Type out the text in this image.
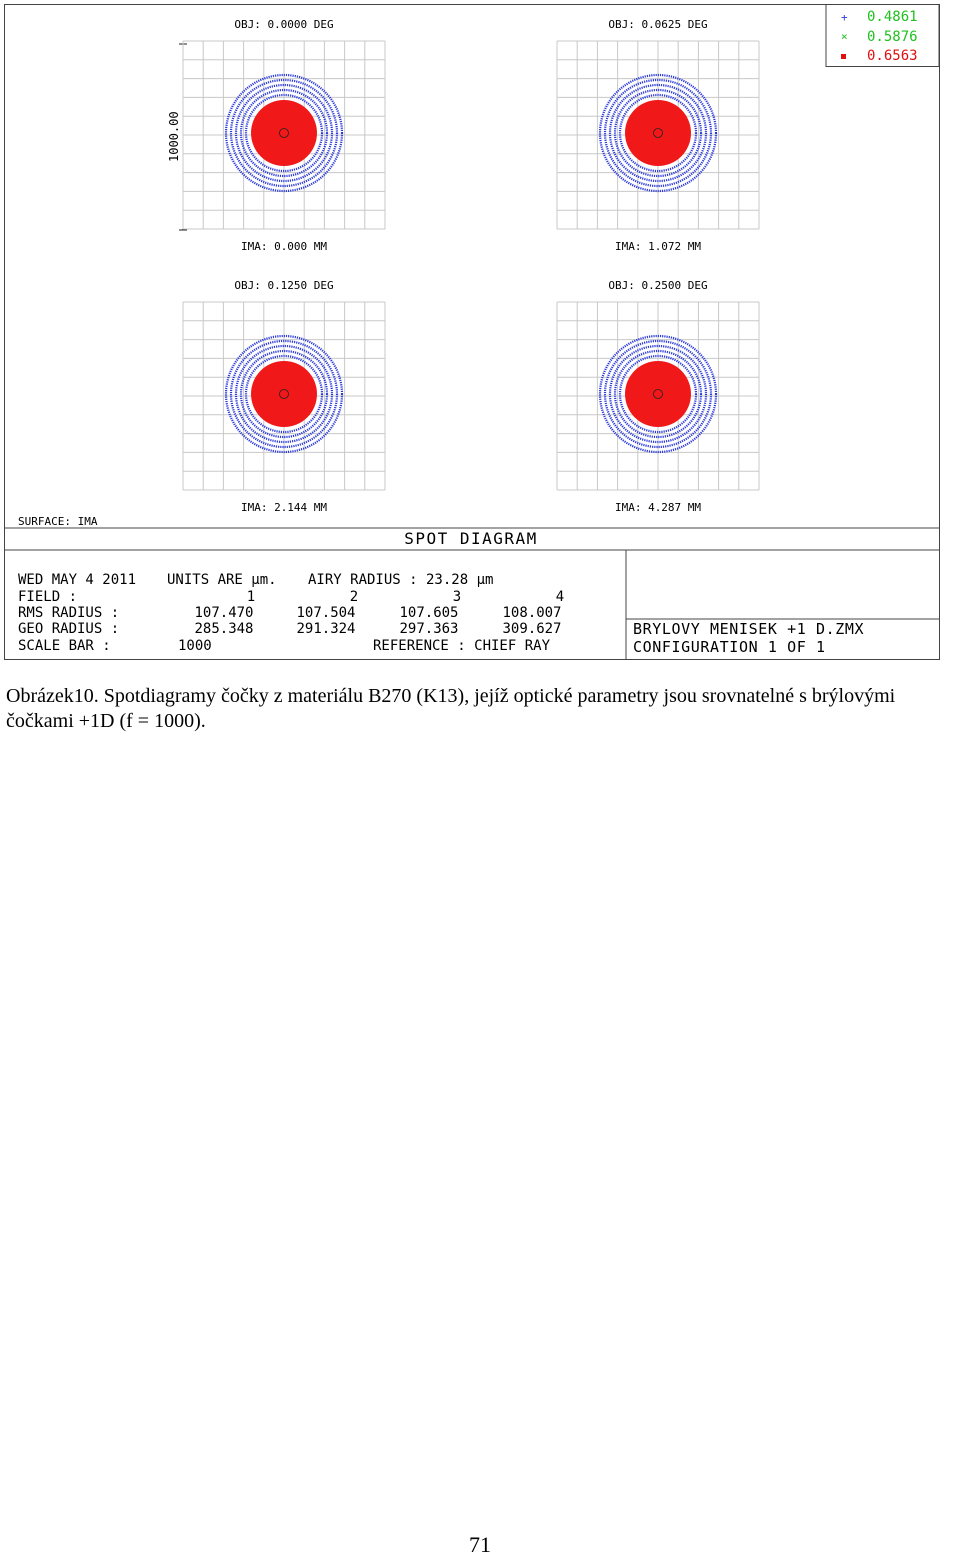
+ 0.4861
× 0.5876
0.6563
1000.00
OBJ: 0.0000 DEG
IMA: 0.000 MM
OBJ: 0.0625 DEG
IMA: 1.072 MM
OBJ: 0.1250 DEG
IMA: 2.144 MM
OBJ: 0.2500 DEG
IMA: 4.287 MM
SURFACE: IMA
SPOT DIAGRAM
WED MAY 4 2011 UNITS ARE µm. AIRY RADIUS : 23.28 µm
FIELD :	1	2	3	4
RMS RADIUS :	107.470	107.504	107.605	108.007
GEO RADIUS :	285.348	291.324	297.363	309.627
SCALE BAR :	1000	REFERENCE : CHIEF RAY
BRYLOVY MENISEK +1 D.ZMX
CONFIGURATION 1 OF 1

Obrázek10. Spotdiagramy čočky z materiálu B270 (K13), jejíž optické parametry jsou srovnatelné s brýlovými čočkami +1D (f = 1000).

71
